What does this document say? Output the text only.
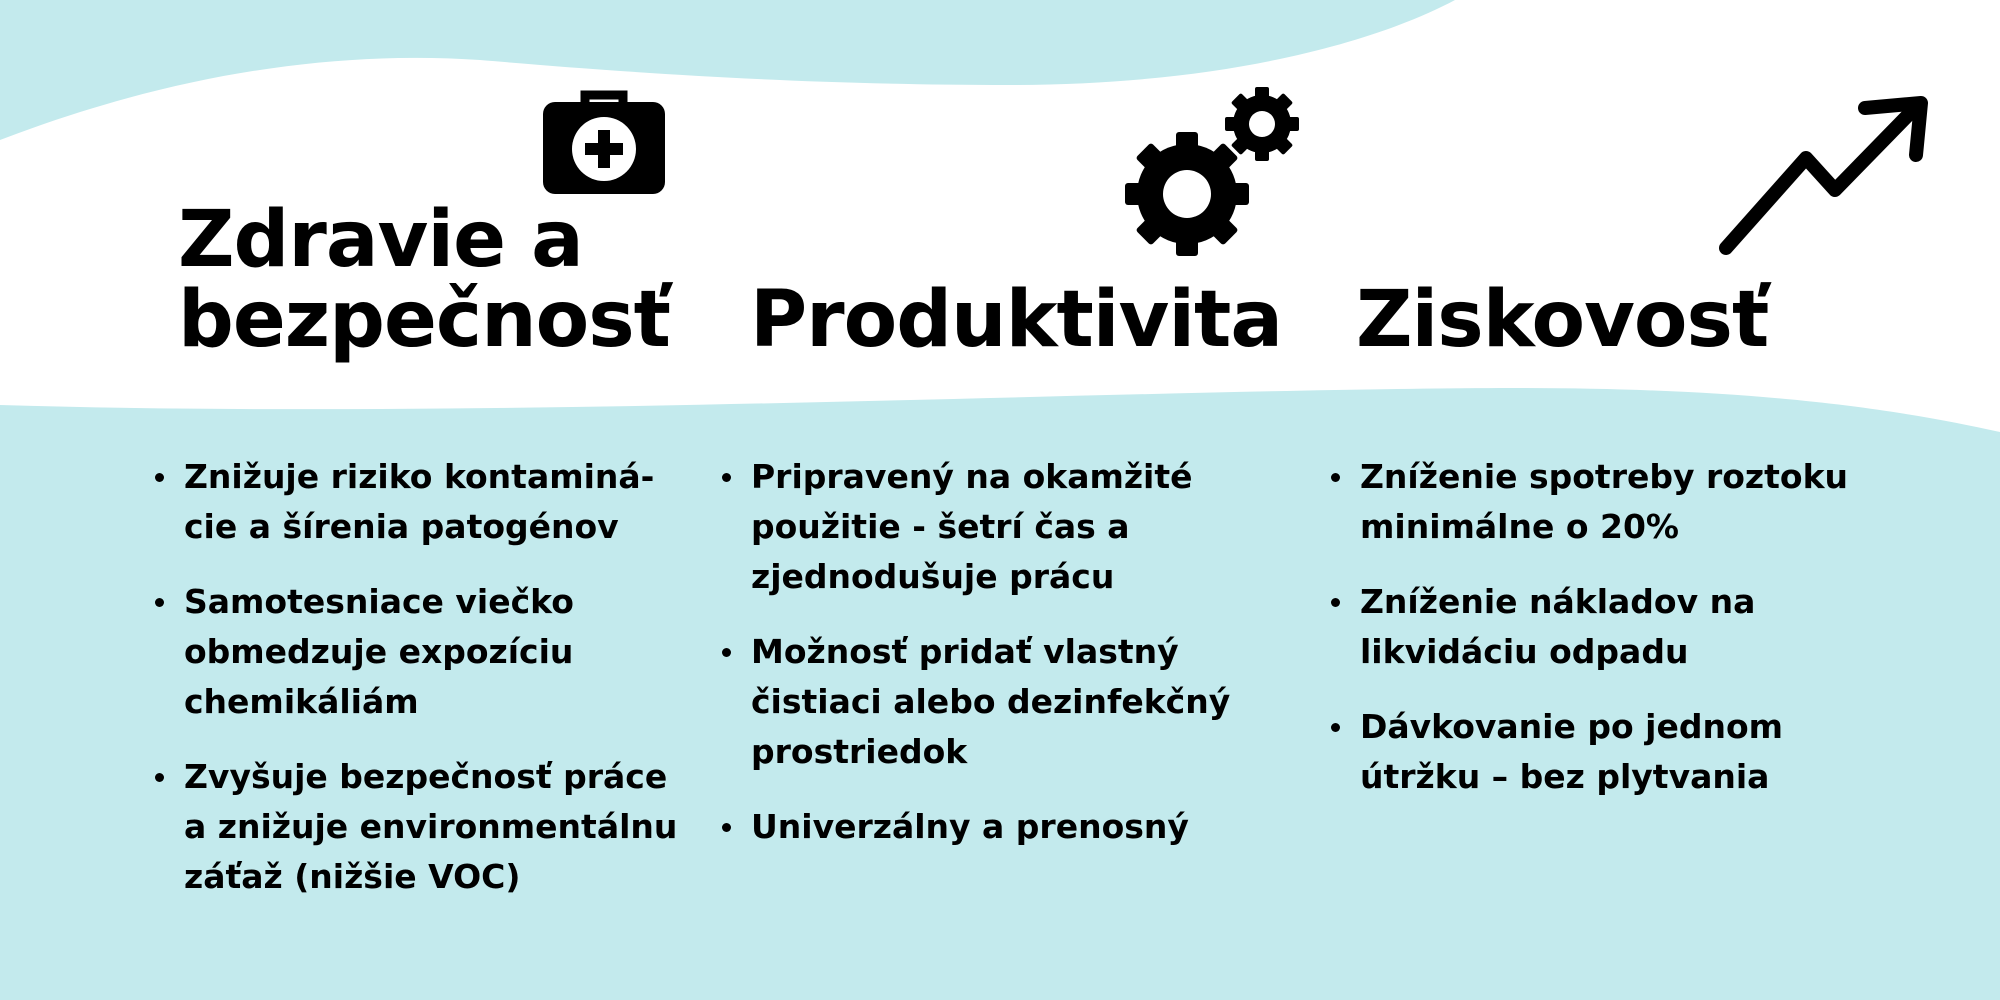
Zdravie a
bezpečnosť Produktivita Ziskovosť
Znižuje riziko kontaminá-cie a šírenia patogénov
Samotesniace viečko obmedzuje expozíciu chemikáliám
Zvyšuje bezpečnosť práce a znižuje environmentálnu záťaž (nižšie VOC)
Pripravený na okamžité použitie - šetrí čas a zjednodušuje prácu
Možnosť pridať vlastný čistiaci alebo dezinfekčný prostriedok
Univerzálny a prenosný
Zníženie spotreby roztoku minimálne o 20%
Zníženie nákladov na likvidáciu odpadu
Dávkovanie po jednom útržku – bez plytvania
